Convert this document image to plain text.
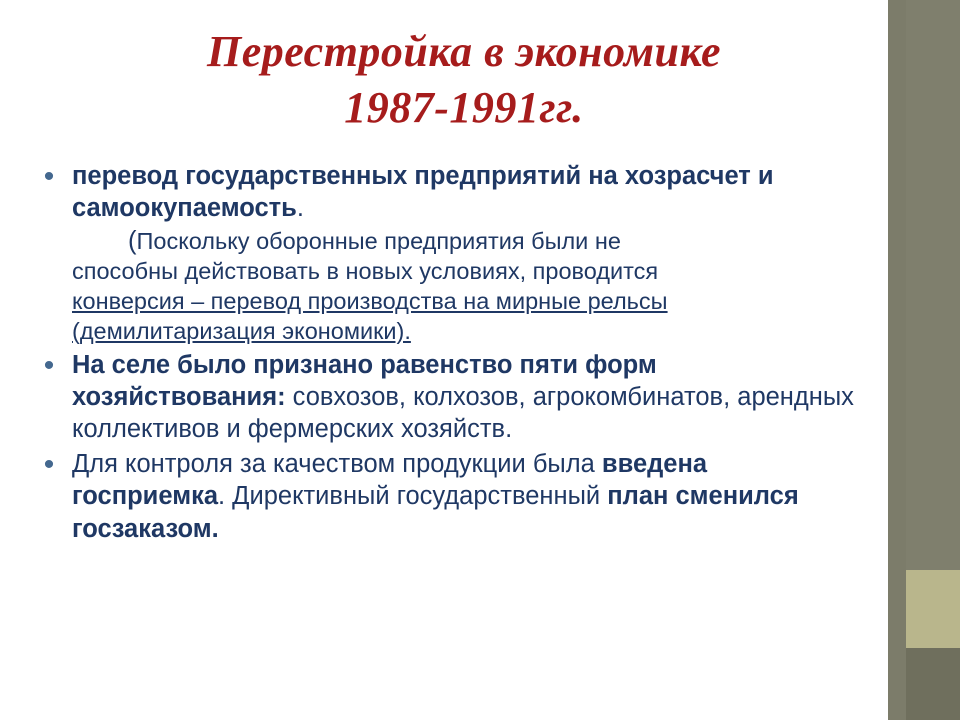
Перестройка в экономике
1987-1991гг.
• перевод государственных предприятий на хозрасчет и самоокупаемость.

(Поскольку оборонные предприятия были не

способны действовать в новых условиях, проводится

конверсия – перевод производства на мирные рельсы

(демилитаризация экономики).

• На селе было признано равенство пяти форм хозяйствования: совхозов, колхозов, агрокомбинатов, арендных коллективов и фермерских хозяйств.

• Для контроля за качеством продукции была введена госприемка. Директивный государственный план сменился госзаказом.
